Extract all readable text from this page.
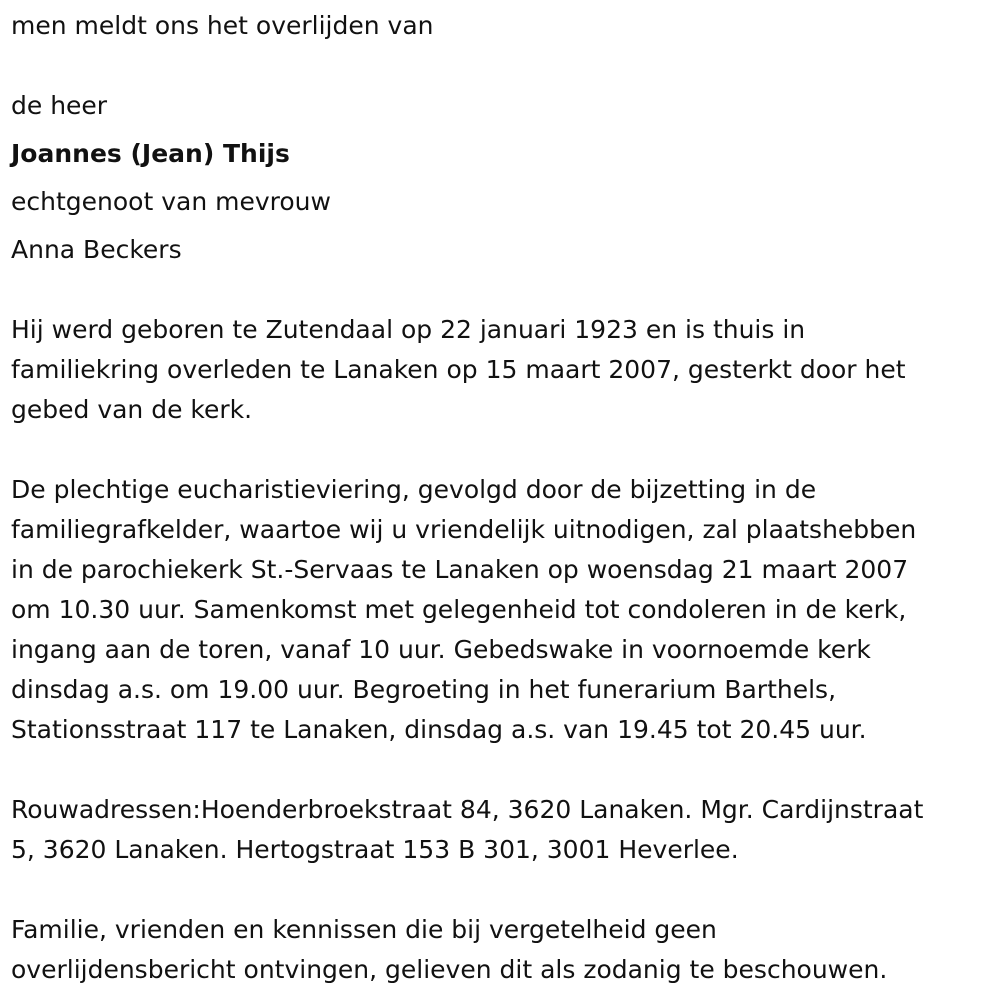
men meldt ons het overlijden van
de heer
Joannes (Jean) Thijs
echtgenoot van mevrouw
Anna Beckers
Hij werd geboren te Zutendaal op 22 januari 1923 en is thuis in
familiekring overleden te Lanaken op 15 maart 2007, gesterkt door het
gebed van de kerk.
De plechtige eucharistieviering, gevolgd door de bijzetting in de
familiegrafkelder, waartoe wij u vriendelijk uitnodigen, zal plaatshebben
in de parochiekerk St.-Servaas te Lanaken op woensdag 21 maart 2007
om 10.30 uur. Samenkomst met gelegenheid tot condoleren in de kerk,
ingang aan de toren, vanaf 10 uur. Gebedswake in voornoemde kerk
dinsdag a.s. om 19.00 uur. Begroeting in het funerarium Barthels,
Stationsstraat 117 te Lanaken, dinsdag a.s. van 19.45 tot 20.45 uur.
Rouwadressen:Hoenderbroekstraat 84, 3620 Lanaken. Mgr. Cardijnstraat
5, 3620 Lanaken. Hertogstraat 153 B 301, 3001 Heverlee.
Familie, vrienden en kennissen die bij vergetelheid geen
overlijdensbericht ontvingen, gelieven dit als zodanig te beschouwen.
